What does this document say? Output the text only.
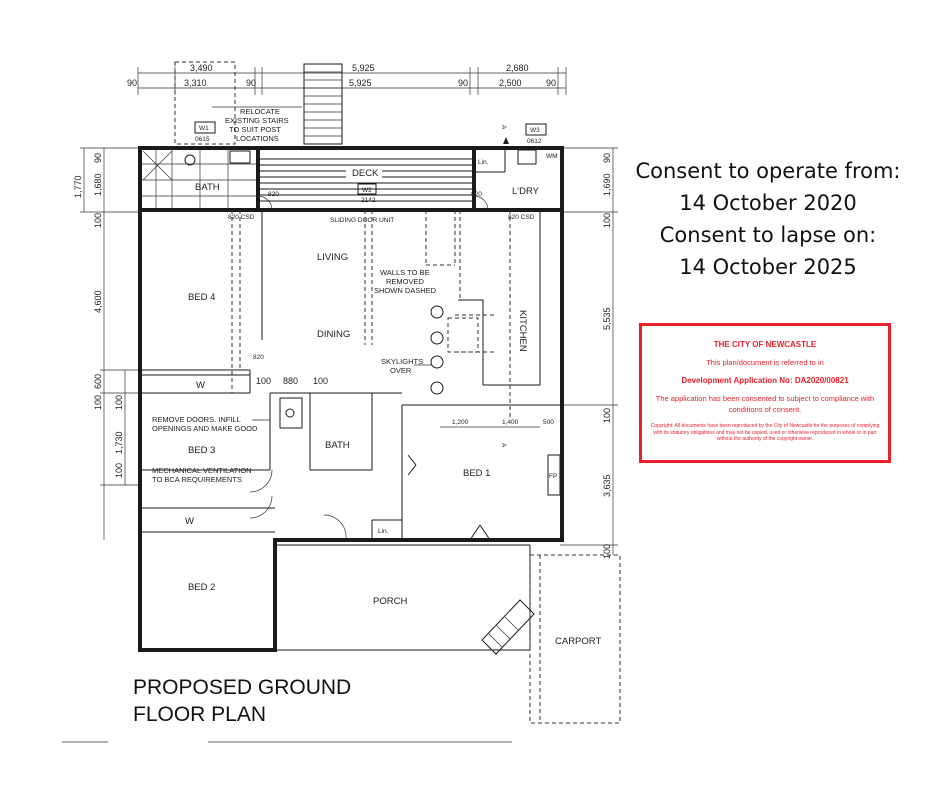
3,490	5,925	2,680
90	3,310	90	5,925	90	2,500	90
RELOCATE
EXISTING STAIRS
TO SUIT POST
LOCATIONS
W1
0615
W3
0612
A
1,770
90
1,680
100
4,600
100
600
100
1,730
100
90
1,690
100
5,535
100
3,635
100
BATH
820
DECK
W2
2142
Lin.
WM
L'DRY
820
SLIDING DOOR UNIT
820 CSD	820 CSD
KITCHEN
LIVING
DINING
BED 4
W
820
880
100	100
WALLS TO BE
REMOVED
SHOWN DASHED
SKYLIGHTS
OVER
REMOVE DOORS. INFILL
OPENINGS AND MAKE GOOD
BED 3
MECHANICAL VENTILATION
TO BCA REQUIREMENTS
BATH
1,200	1,400	500
BED 1	FP
A
Lin.
W
BED 2
PORCH
CARPORT
PROPOSED GROUND
FLOOR PLAN
Consent to operate from:
14 October 2020
Consent to lapse on:
14 October 2025
THE CITY OF NEWCASTLE
This plan/document is referred to in
Development Application No: DA2020/00821
The application has been consented to subject to compliance with conditions of consent.
Copyright: All documents have been reproduced by the City of Newcastle for the purposes of complying with its statutory obligations and may not be copied, used or otherwise reproduced in whole or in part without the authority of the copyright owner.
